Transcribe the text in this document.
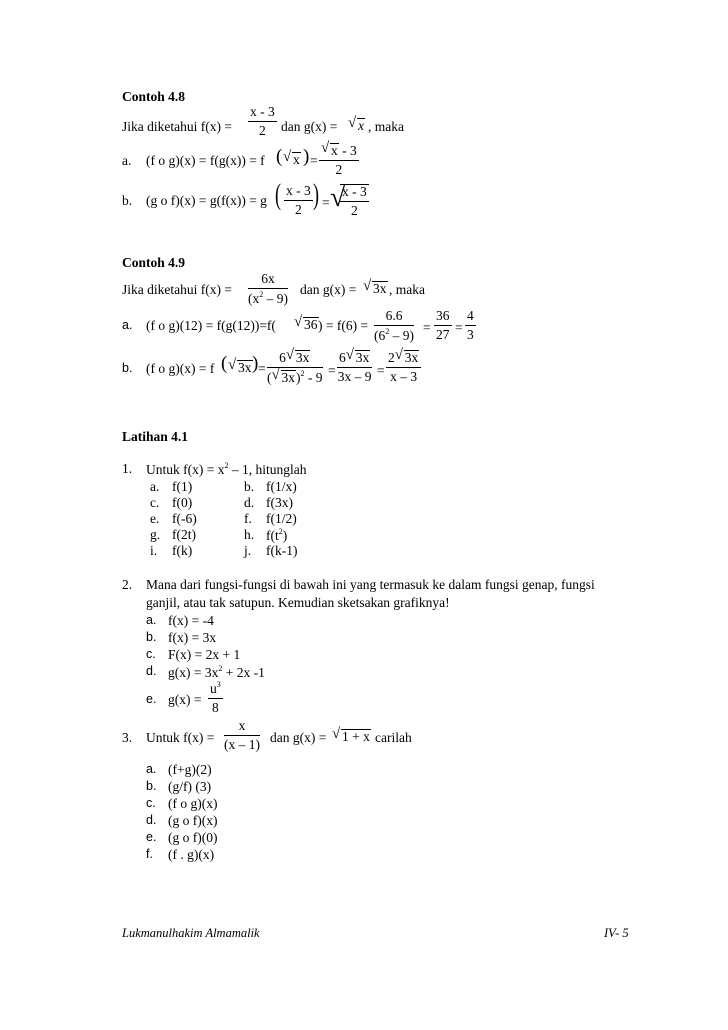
Contoh 4.8
Jika diketahui $f(x) = \frac{x - 3}{2}$ dan g(x) = √ x , maka
a. (f o g)(x) = f(g(x)) = f ( √ x ) = $\frac{√ x - 3}{2}$
b. (g o f)(x) = g(f(x)) = g ( $\frac{x - 3}{2}$ ) = √
$\frac{x - 3}{2}$
Contoh 4.9
Jika diketahui $f(x) = \frac{6x}{(x^2 - 9)}$ dan g(x) = √ 3x , maka
a. (f o g)(12) = f(g(12))=f( √ 36 ) = $f(6) = \frac{6.6}{(6^2 - 9)} = \frac{36}{27} = \frac{4}{3}$
b. (f o g)(x) = f ( √ 3x ) = $\frac{6 √ 3x}{( √ 3x)^2 - 9} = \frac{6 √ 3x}{3x - 9} = \frac{2 √ 3x}{x - 3}$
Latihan 4.1
1. Untuk $f(x) = x^2 - 1$, hitunglah
a. f(1)	b. f(1/x)
c. f(0)	d. f(3x)
e. f(-6)	f. f(1/2)
g. f(2t)	h. $f(t^2)$
i. f(k)	j. f(k-1)
2. Mana dari fungsi-fungsi di bawah ini yang termasuk ke dalam fungsi genap, fungsi
ganjil, atau tak satupun. Kemudian sketsakan grafiknya!
a. f(x) = -4
b. f(x) = 3x
c. F(x) = 2x + 1
d. $g(x) = 3x^2 + 2x$ -1
e. $g(x) = \frac{u^3}{8}$
3. Untuk $f(x) = \frac{x}{(x - 1)}$ dan g(x) = √ 1 + x carilah
a. (f+g)(2)
b. (g/f) (3)
c. (f o g)(x)
d. (g o f)(x)
e. (g o f)(0)
f. (f . g)(x)
Lukmanulhakim Almamalik	IV- 5
